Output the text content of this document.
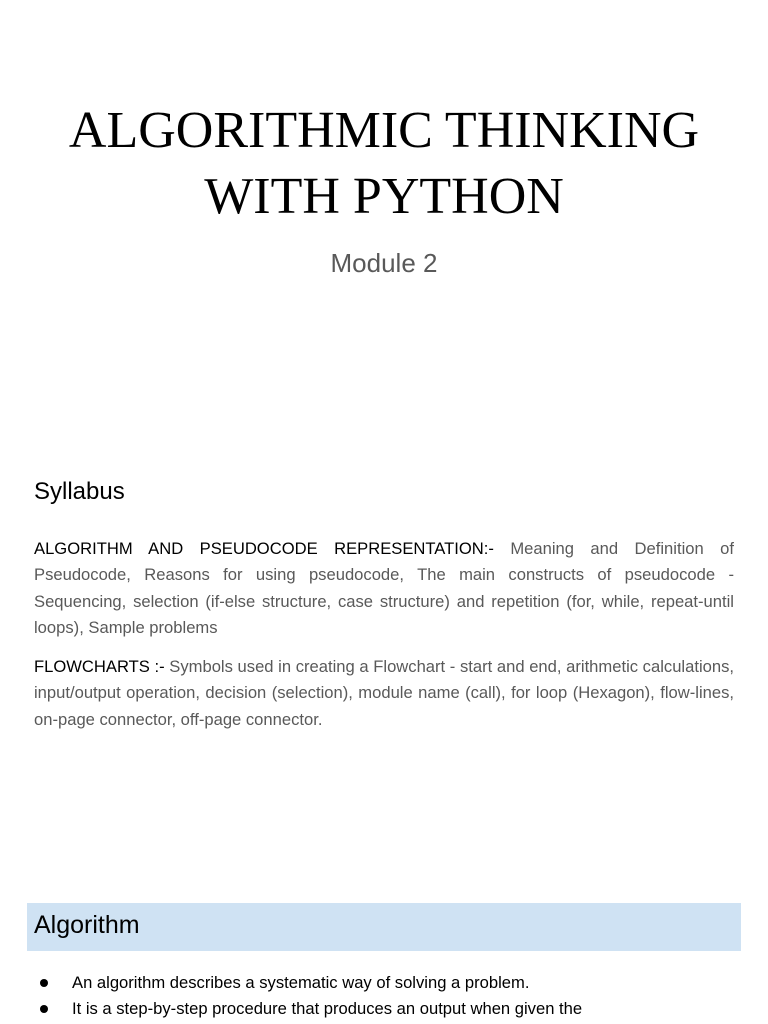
ALGORITHMIC THINKING
WITH PYTHON

Module 2

Syllabus

ALGORITHM AND PSEUDOCODE REPRESENTATION:- Meaning and Definition of Pseudocode, Reasons for using pseudocode, The main constructs of pseudocode - Sequencing, selection (if-else structure, case structure) and repetition (for, while, repeat-until loops), Sample problems

FLOWCHARTS :- Symbols used in creating a Flowchart - start and end, arithmetic calculations, input/output operation, decision (selection), module name (call), for loop (Hexagon), flow-lines, on-page connector, off-page connector.

Algorithm
An algorithm describes a systematic way of solving a problem.
It is a step-by-step procedure that produces an output when given the
